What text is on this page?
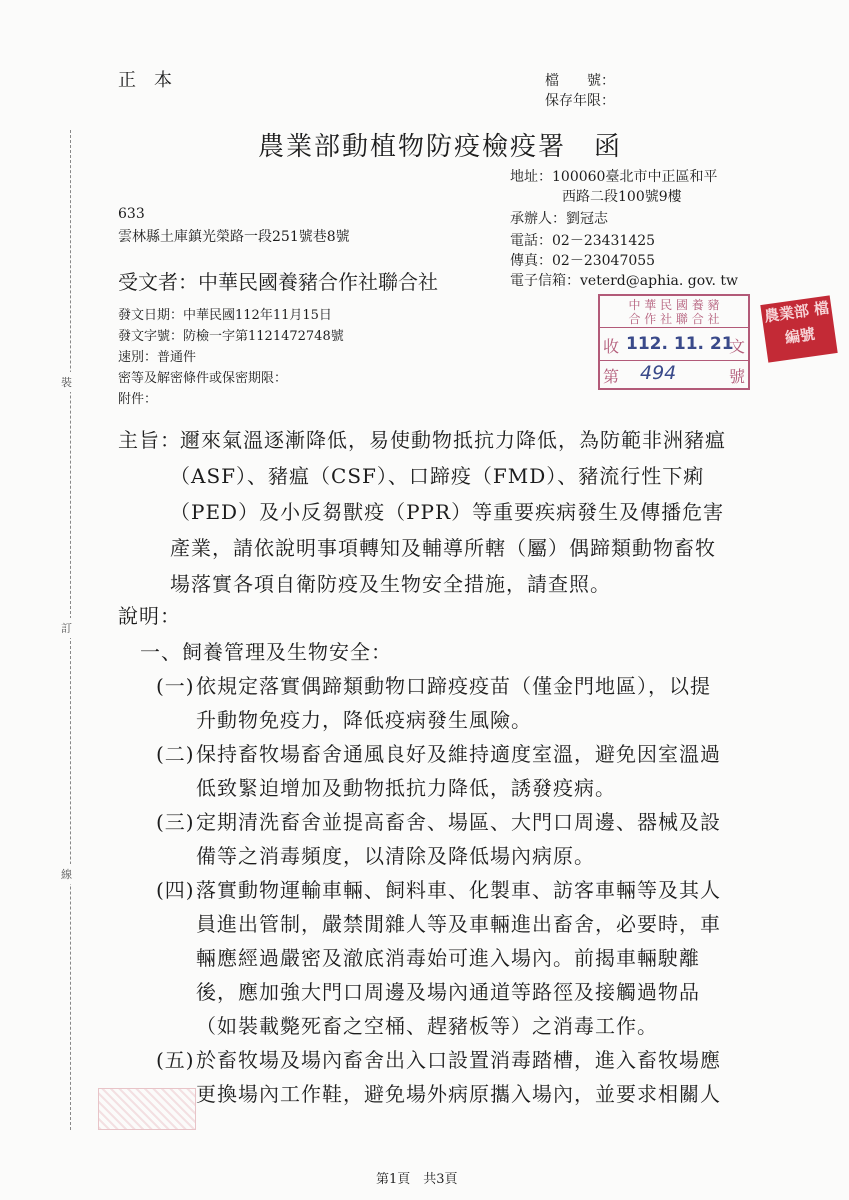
裝
訂
線
正　本	檔　　號：
保存年限：
農業部動植物防疫檢疫署　函
地址：100060臺北市中正區和平
西路二段100號9樓
承辦人：劉冠志
電話：02－23431425
傳真：02－23047055
電子信箱：veterd@aphia. gov. tw
633
雲林縣土庫鎮光榮路一段251號巷8號
受文者：中華民國養豬合作社聯合社
發文日期：中華民國112年11月15日
發文字號：防檢一字第1121472748號
速別：普通件
密等及解密條件或保密期限：
附件：
中 華 民 國 養 豬
合 作 社 聯 合 社
收 112. 11. 21
文
第 494	號
農業部 檔編號
主旨： 邇來氣溫逐漸降低，易使動物抵抗力降低，為防範非洲豬瘟
（ASF）、豬瘟（CSF）、口蹄疫（FMD）、豬流行性下痢
（PED）及小反芻獸疫（PPR）等重要疾病發生及傳播危害
產業，請依說明事項轉知及輔導所轄（屬）偶蹄類動物畜牧
場落實各項自衛防疫及生物安全措施，請查照。
說明：
一、飼養管理及生物安全：
(一) 依規定落實偶蹄類動物口蹄疫疫苗（僅金門地區），以提
升動物免疫力，降低疫病發生風險。
(二) 保持畜牧場畜舍通風良好及維持適度室溫，避免因室溫過
低致緊迫增加及動物抵抗力降低，誘發疫病。
(三) 定期清洗畜舍並提高畜舍、場區、大門口周邊、器械及設
備等之消毒頻度，以清除及降低場內病原。
(四) 落實動物運輸車輛、飼料車、化製車、訪客車輛等及其人
員進出管制，嚴禁閒雜人等及車輛進出畜舍，必要時，車
輛應經過嚴密及澈底消毒始可進入場內。前揭車輛駛離
後，應加強大門口周邊及場內通道等路徑及接觸過物品
（如裝載斃死畜之空桶、趕豬板等）之消毒工作。
(五) 於畜牧場及場內畜舍出入口設置消毒踏槽，進入畜牧場應
更換場內工作鞋，避免場外病原攜入場內，並要求相關人
第1頁　共3頁
